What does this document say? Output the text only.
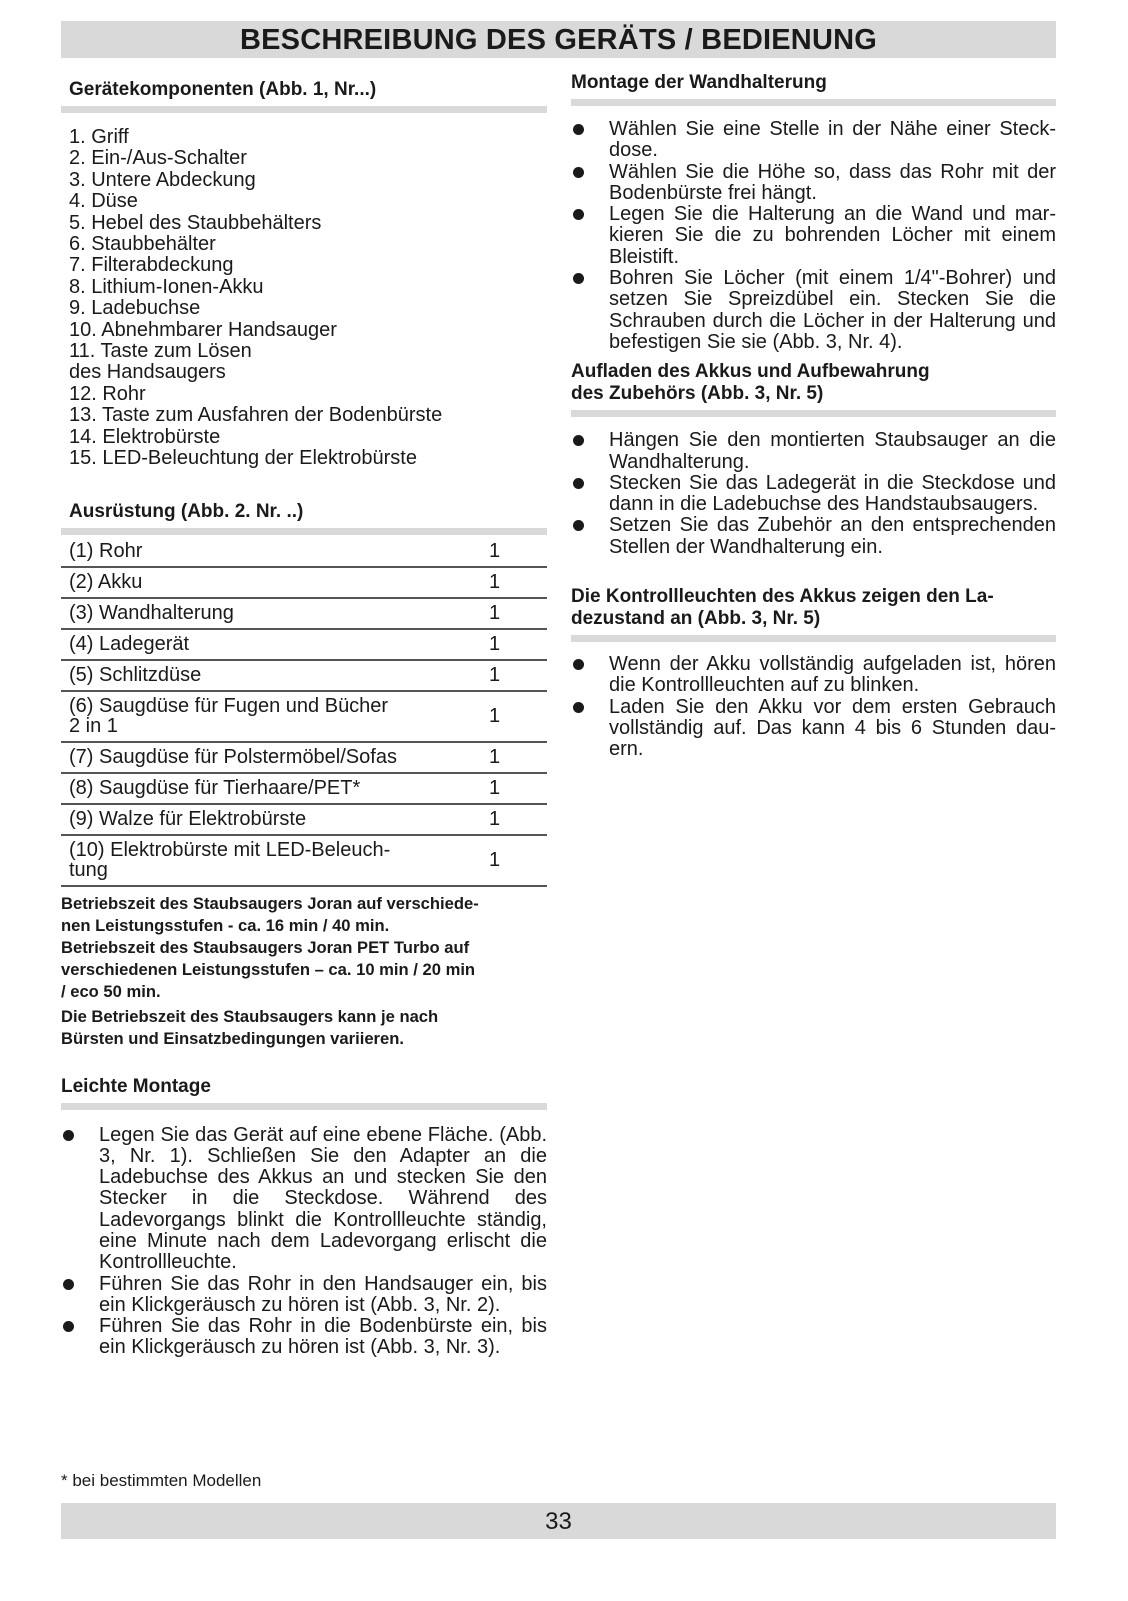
BESCHREIBUNG DES GERÄTS / BEDIENUNG
Gerätekomponenten (Abb. 1, Nr...)
1. Griff
2. Ein-/Aus-Schalter
3. Untere Abdeckung
4. Düse
5. Hebel des Staubbehälters
6. Staubbehälter
7. Filterabdeckung
8. Lithium-Ionen-Akku
9. Ladebuchse
10. Abnehmbarer Handsauger
11. Taste zum Lösen
des Handsaugers
12. Rohr
13. Taste zum Ausfahren der Bodenbürste
14. Elektrobürste
15. LED-Beleuchtung der Elektrobürste
Ausrüstung (Abb. 2. Nr. ..)
(1) Rohr	1
(2) Akku	1
(3) Wandhalterung	1
(4) Ladegerät	1
(5) Schlitzdüse	1
(6) Saugdüse für Fugen und Bücher
2 in 1	1
(7) Saugdüse für Polstermöbel/Sofas	1
(8) Saugdüse für Tierhaare/PET*	1
(9) Walze für Elektrobürste	1
(10) Elektrobürste mit LED-Beleuch-
tung	1

Betriebszeit des Staubsaugers Joran auf verschiede-
nen Leistungsstufen - ca. 16 min / 40 min.
Betriebszeit des Staubsaugers Joran PET Turbo auf
verschiedenen Leistungsstufen – ca. 10 min / 20 min
/ eco 50 min.

Die Betriebszeit des Staubsaugers kann je nach
Bürsten und Einsatzbedingungen variieren.

Leichte Montage
Legen Sie das Gerät auf eine ebene Fläche. (Abb. 3, Nr. 1). Schließen Sie den Adapter an die Ladebuchse des Akkus an und stecken Sie den Stecker in die Steckdose. Während des Ladevorgangs blinkt die Kontrollleuchte ständig, eine Minute nach dem Ladevorgang erlischt die Kontrollleuchte.
Führen Sie das Rohr in den Handsauger ein, bis ein Klickgeräusch zu hören ist (Abb. 3, Nr. 2).
Führen Sie das Rohr in die Bodenbürste ein, bis ein Klickgeräusch zu hören ist (Abb. 3, Nr. 3).
Montage der Wandhalterung
Wählen Sie eine Stelle in der Nähe einer Steck-dose.
Wählen Sie die Höhe so, dass das Rohr mit der Bodenbürste frei hängt.
Legen Sie die Halterung an die Wand und mar-kieren Sie die zu bohrenden Löcher mit einem Bleistift.
Bohren Sie Löcher (mit einem 1/4"-Bohrer) und setzen Sie Spreizdübel ein. Stecken Sie die Schrauben durch die Löcher in der Halterung und befestigen Sie sie (Abb. 3, Nr. 4).
Aufladen des Akkus und Aufbewahrung
des Zubehörs (Abb. 3, Nr. 5)
Hängen Sie den montierten Staubsauger an die Wandhalterung.
Stecken Sie das Ladegerät in die Steckdose und dann in die Ladebuchse des Handstaubsaugers.
Setzen Sie das Zubehör an den entsprechenden Stellen der Wandhalterung ein.
Die Kontrollleuchten des Akkus zeigen den La-
dezustand an (Abb. 3, Nr. 5)
Wenn der Akku vollständig aufgeladen ist, hören die Kontrollleuchten auf zu blinken.
Laden Sie den Akku vor dem ersten Gebrauch vollständig auf. Das kann 4 bis 6 Stunden dau-ern.
* bei bestimmten Modellen
33
